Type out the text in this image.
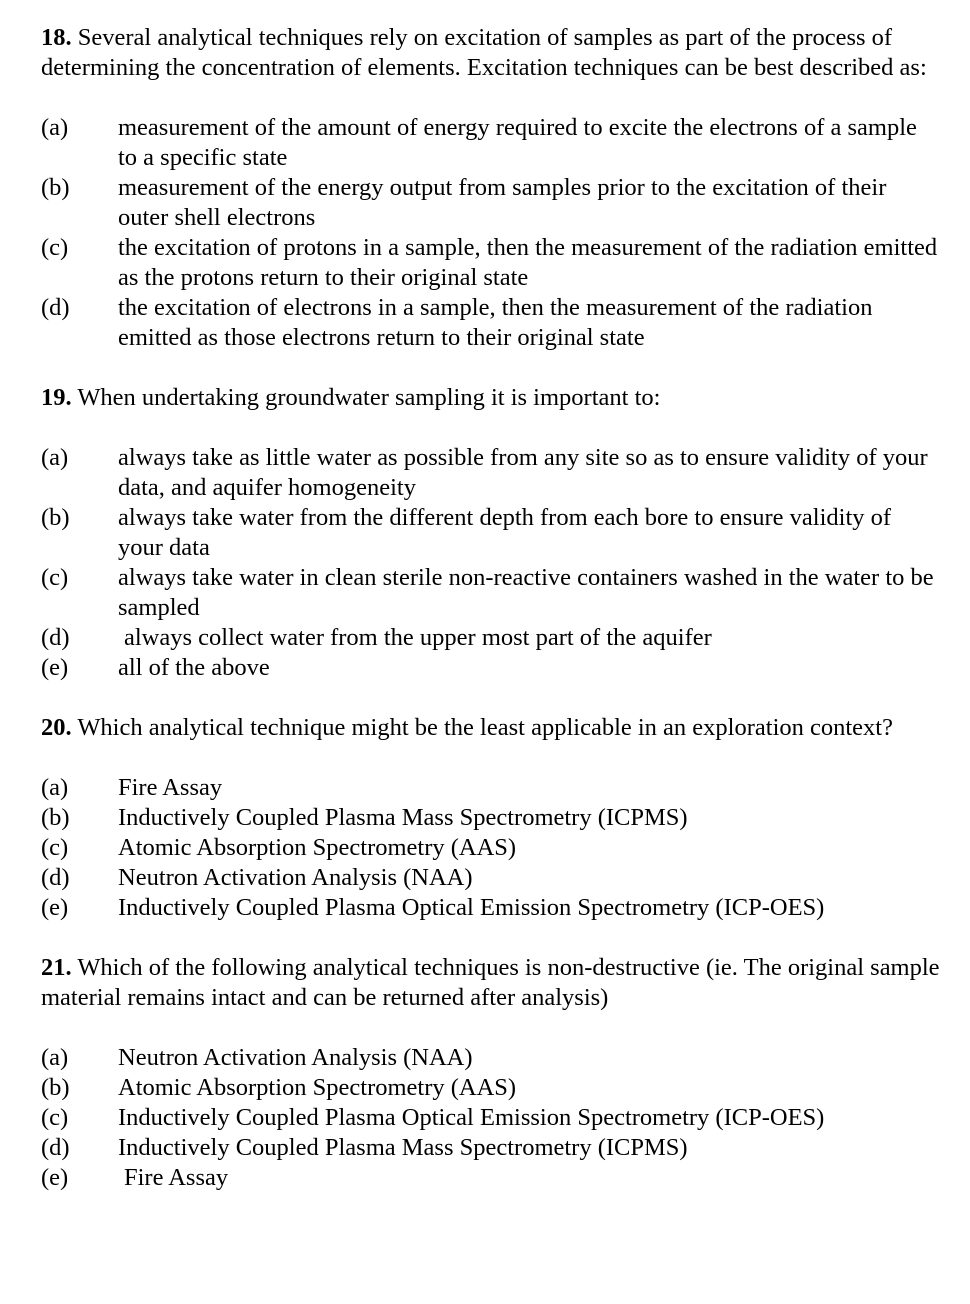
18. Several analytical techniques rely on excitation of samples as part of the process of determining the concentration of elements. Excitation techniques can be best described as:

(a)	measurement of the amount of energy required to excite the electrons of a sample to a specific state
(b)	measurement of the energy output from samples prior to the excitation of their outer shell electrons
(c)	the excitation of protons in a sample, then the measurement of the radiation emitted as the protons return to their original state
(d)	the excitation of electrons in a sample, then the measurement of the radiation emitted as those electrons return to their original state

19. When undertaking groundwater sampling it is important to:

(a)	always take as little water as possible from any site so as to ensure validity of your data, and aquifer homogeneity
(b)	always take water from the different depth from each bore to ensure validity of your data
(c)	always take water in clean sterile non-reactive containers washed in the water to be sampled
(d)	always collect water from the upper most part of the aquifer
(e)	all of the above

20. Which analytical technique might be the least applicable in an exploration context?

(a)	Fire Assay
(b)	Inductively Coupled Plasma Mass Spectrometry (ICPMS)
(c)	Atomic Absorption Spectrometry (AAS)
(d)	Neutron Activation Analysis (NAA)
(e)	Inductively Coupled Plasma Optical Emission Spectrometry (ICP-OES)

21. Which of the following analytical techniques is non-destructive (ie. The original sample material remains intact and can be returned after analysis)

(a)	Neutron Activation Analysis (NAA)
(b)	Atomic Absorption Spectrometry (AAS)
(c)	Inductively Coupled Plasma Optical Emission Spectrometry (ICP-OES)
(d)	Inductively Coupled Plasma Mass Spectrometry (ICPMS)
(e)	Fire Assay
